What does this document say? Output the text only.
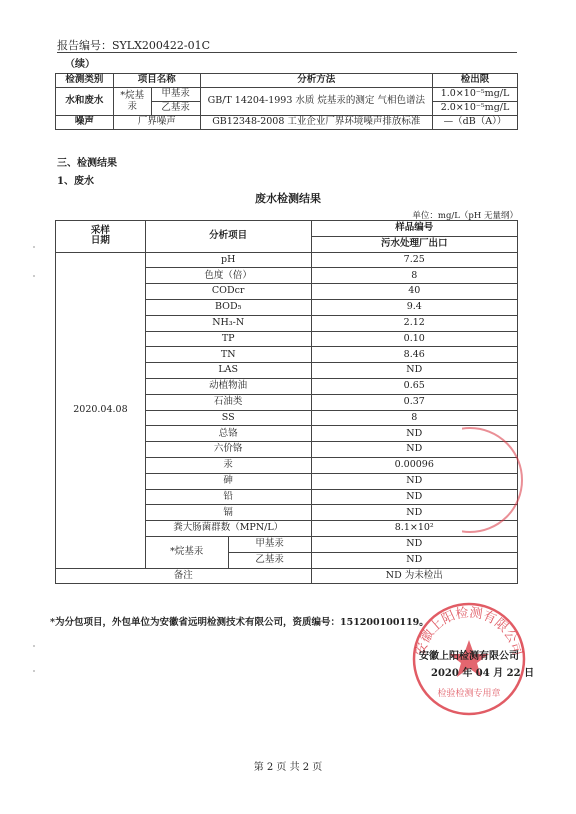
报告编号：SYLX200422-01C
（续）
检测类别	项目名称		分析方法	检出限
水和废水	*烷基汞	甲基汞	GB/T 14204-1993 水质 烷基汞的测定 气相色谱法	1.0×10⁻⁵mg/L
		乙基汞		2.0×10⁻⁵mg/L
噪声	厂界噪声		GB12348-2008 工业企业厂界环境噪声排放标准	—（dB（A））
三、检测结果
1、废水
废水检测结果
单位：mg/L（pH 无量纲）
采样
日期	分析项目		样品编号
			污水处理厂出口
2020.04.08	pH		7.25
	色度（倍）		8
	CODcr		40
	BOD₅		9.4
	NH₃-N		2.12
	TP		0.10
	TN		8.46
	LAS		ND
	动植物油		0.65
	石油类		0.37
	SS		8
	总铬		ND
	六价铬		ND
	汞		0.00096
	砷		ND
	铅		ND
	镉		ND
	粪大肠菌群数（MPN/L）		8.1×10²
	*烷基汞	甲基汞	ND
		乙基汞	ND
备注			ND 为未检出
*为分包项目，外包单位为安徽省远明检测技术有限公司，资质编号：151200100119。
安徽上阳检测有限公司
检验检测专用章
安徽上阳检测有限公司
2020 年 04 月 22 日
第 2 页 共 2 页
